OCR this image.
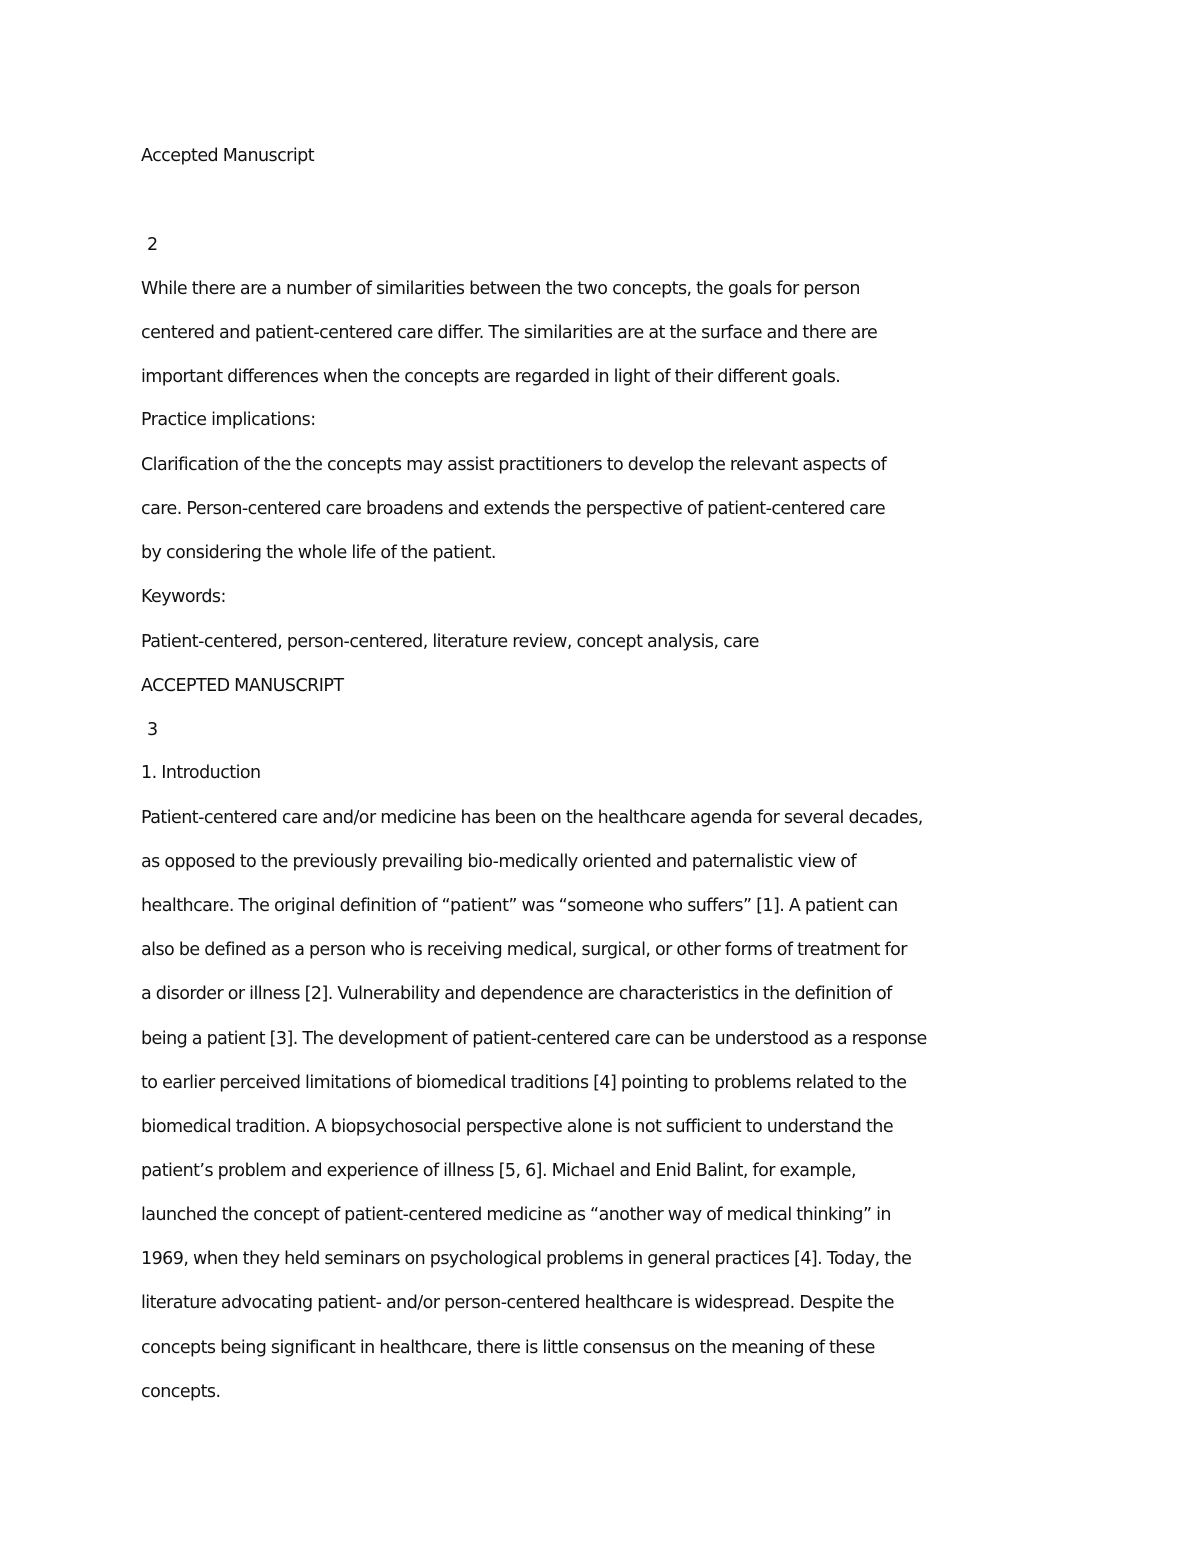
Accepted Manuscript

2

While there are a number of similarities between the two concepts, the goals for person

centered and patient-centered care differ. The similarities are at the surface and there are

important differences when the concepts are regarded in light of their different goals.

Practice implications:

Clarification of the the concepts may assist practitioners to develop the relevant aspects of

care. Person-centered care broadens and extends the perspective of patient-centered care

by considering the whole life of the patient.

Keywords:

Patient-centered, person-centered, literature review, concept analysis, care

ACCEPTED MANUSCRIPT

3

1. Introduction

Patient-centered care and/or medicine has been on the healthcare agenda for several decades,

as opposed to the previously prevailing bio-medically oriented and paternalistic view of

healthcare. The original definition of “patient” was “someone who suffers” [1]. A patient can

also be defined as a person who is receiving medical, surgical, or other forms of treatment for

a disorder or illness [2]. Vulnerability and dependence are characteristics in the definition of

being a patient [3]. The development of patient-centered care can be understood as a response

to earlier perceived limitations of biomedical traditions [4] pointing to problems related to the

biomedical tradition. A biopsychosocial perspective alone is not sufficient to understand the

patient’s problem and experience of illness [5, 6]. Michael and Enid Balint, for example,

launched the concept of patient-centered medicine as “another way of medical thinking” in

1969, when they held seminars on psychological problems in general practices [4]. Today, the

literature advocating patient- and/or person-centered healthcare is widespread. Despite the

concepts being significant in healthcare, there is little consensus on the meaning of these

concepts.
